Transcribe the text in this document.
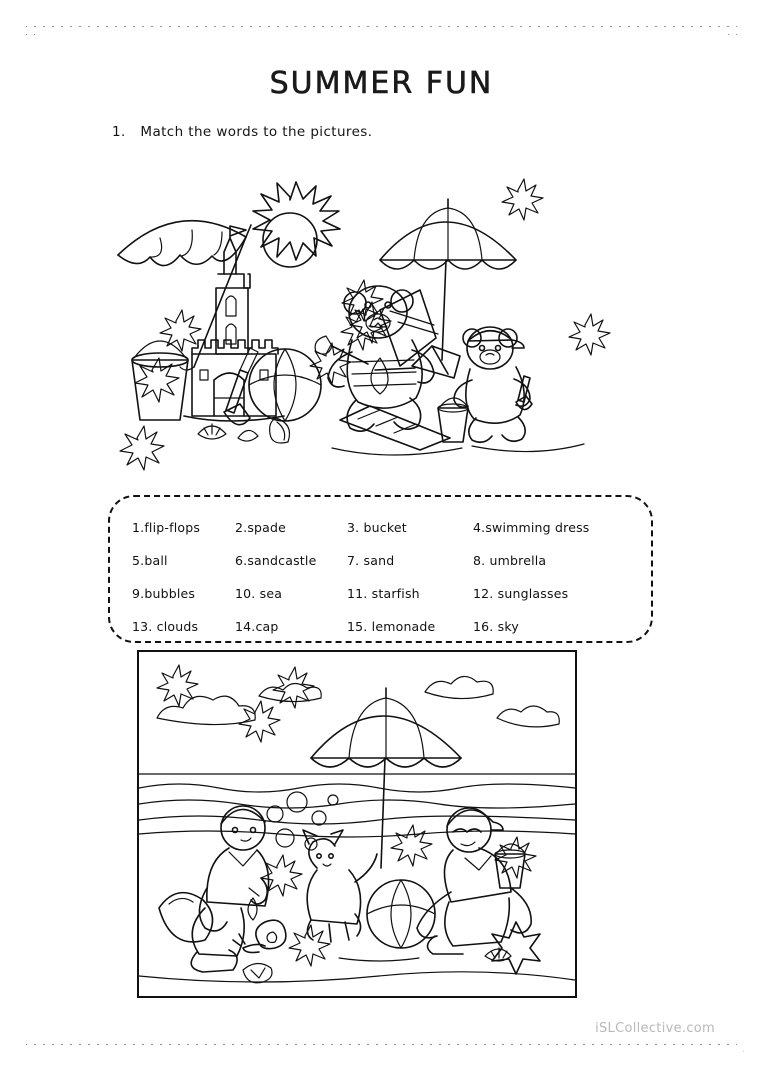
SUMMER FUN
1. Match the words to the pictures.
1.flip-flops	2.spade	3. bucket	4.swimming dress
5.ball	6.sandcastle	7. sand	8. umbrella
9.bubbles	10. sea	11. starfish	12. sunglasses
13. clouds	14.cap	15. lemonade	16. sky
iSLCollective.com
.
